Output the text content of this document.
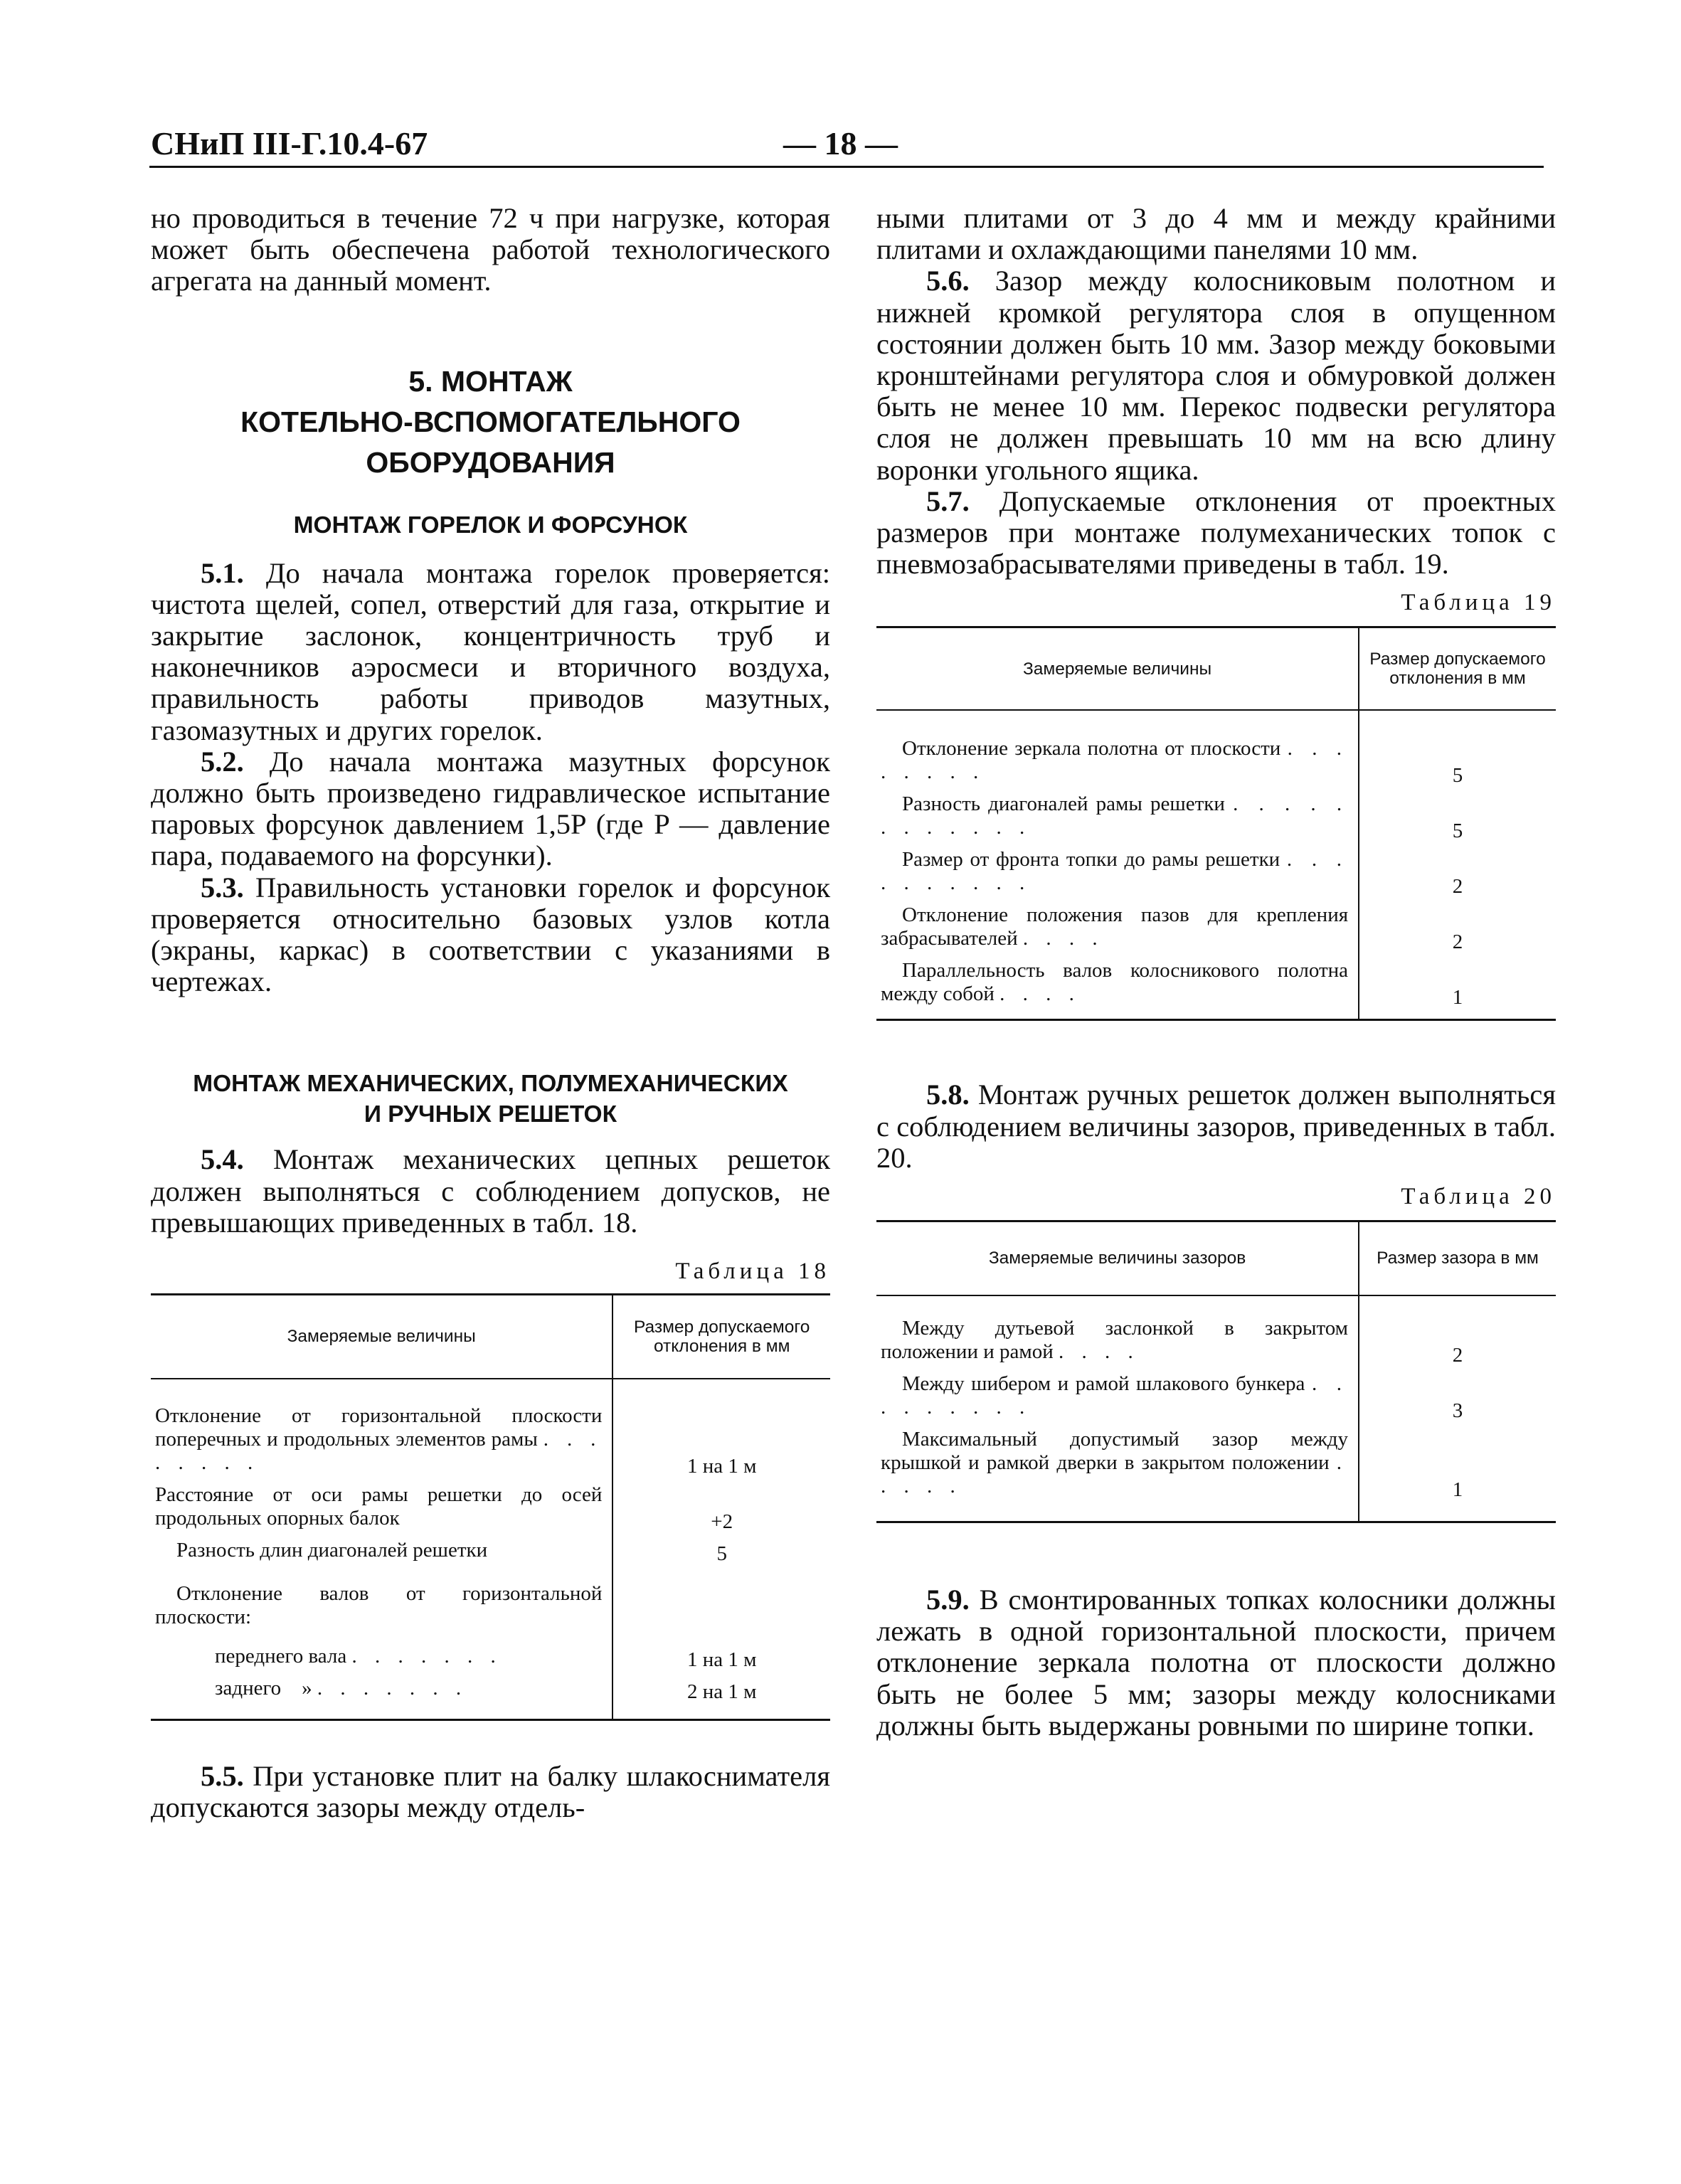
СНиП III-Г.10.4-67	— 18 —

но проводиться в течение 72 ч при нагрузке, которая может быть обеспечена работой технологического агрегата на данный момент.

5. МОНТАЖ

КОТЕЛЬНО-ВСПОМОГАТЕЛЬНОГО

ОБОРУДОВАНИЯ

МОНТАЖ ГОРЕЛОК И ФОРСУНОК

5.1. До начала монтажа горелок проверяется: чистота щелей, сопел, отверстий для газа, открытие и закрытие заслонок, концентричность труб и наконечников аэросмеси и вторичного воздуха, правильность работы приводов мазутных, газомазутных и других горелок.

5.2. До начала монтажа мазутных форсунок должно быть произведено гидравлическое испытание паровых форсунок давлением 1,5P (где P — давление пара, подаваемого на форсунки).

5.3. Правильность установки горелок и форсунок проверяется относительно базовых узлов котла (экраны, каркас) в соответствии с указаниями в чертежах.

МОНТАЖ МЕХАНИЧЕСКИХ, ПОЛУМЕХАНИЧЕСКИХ

И РУЧНЫХ РЕШЕТОК

5.4. Монтаж механических цепных решеток должен выполняться с соблюдением допусков, не превышающих приведенных в табл. 18.

Таблица 18

Замеряемые величины	Размер допускаемого отклонения в мм

Отклонение от горизонтальной плоскости поперечных и продольных элементов рамы . . . . . . . .	1 на 1 м
Расстояние от оси рамы решетки до осей продольных опорных балок	+2
Разность длин диагоналей решетки	5

Отклонение валов от горизонтальной плоскости:	

переднего вала . . . . . . .	1 на 1 м
заднего » . . . . . . .	2 на 1 м

5.5. При установке плит на балку шлакоснимателя допускаются зазоры между отдель-

ными плитами от 3 до 4 мм и между крайними плитами и охлаждающими панелями 10 мм.

5.6. Зазор между колосниковым полотном и нижней кромкой регулятора слоя в опущенном состоянии должен быть 10 мм. Зазор между боковыми кронштейнами регулятора слоя и обмуровкой должен быть не менее 10 мм. Перекос подвески регулятора слоя не должен превышать 10 мм на всю длину воронки угольного ящика.

5.7. Допускаемые отклонения от проектных размеров при монтаже полумеханических топок с пневмозабрасывателями приведены в табл. 19.

Таблица 19

Замеряемые величины	Размер допускаемого отклонения в мм

Отклонение зеркала полотна от плоскости . . . . . . . .	5
Разность диагоналей рамы решетки . . . . . . . . . . . .	5
Размер от фронта топки до рамы решетки . . . . . . . . . .	2
Отклонение положения пазов для крепления забрасывателей . . . .	2
Параллельность валов колосникового полотна между собой . . . .	1

5.8. Монтаж ручных решеток должен выполняться с соблюдением величины зазоров, приведенных в табл. 20.

Таблица 20

Замеряемые величины зазоров	Размер зазора в мм

Между дутьевой заслонкой в закрытом положении и рамой . . . .	2
Между шибером и рамой шлакового бункера . . . . . . . . .	3
Максимальный допустимый зазор между крышкой и рамкой дверки в закрытом положении . . . . .	1

5.9. В смонтированных топках колосники должны лежать в одной горизонтальной плоскости, причем отклонение зеркала полотна от плоскости должно быть не более 5 мм; зазоры между колосниками должны быть выдержаны ровными по ширине топки.
